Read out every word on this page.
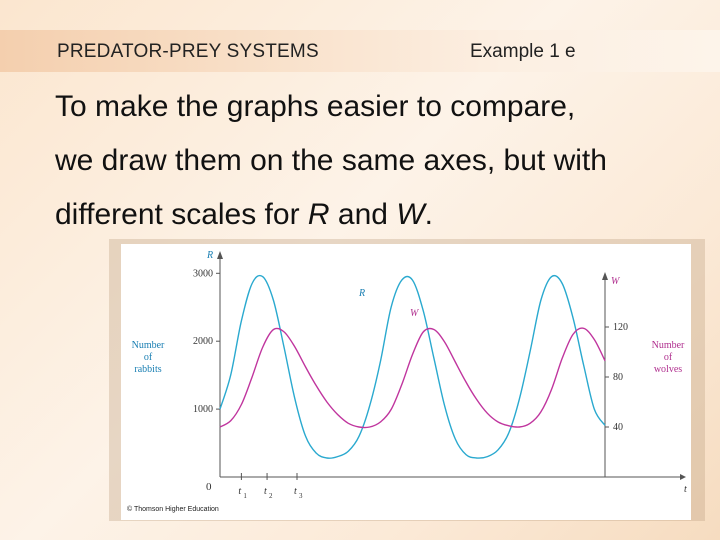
PREDATOR-PREY SYSTEMS	Example 1 e
To make the graphs easier to compare,
we draw them on the same axes, but with
different scales for R and W.
R
1000
2000
3000
Number
of
rabbits
W
40
80
120
Number
of
wolves
t
0	t 1 t 2 t 3
R
W
© Thomson Higher Education
